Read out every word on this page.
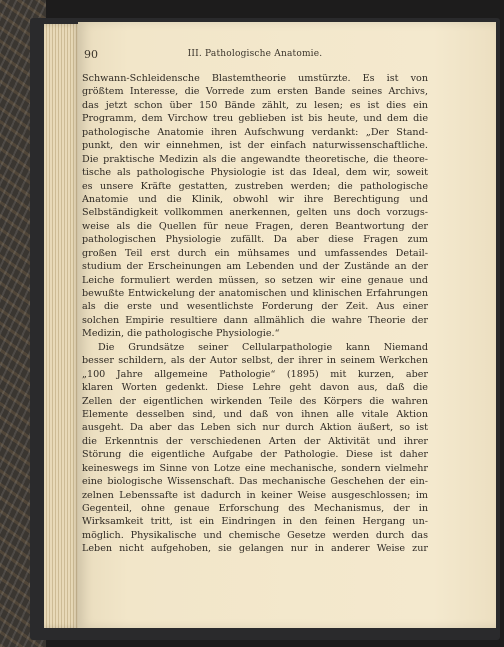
90	III. Pathologische Anatomie.
Schwann-Schleidensche Blastemtheorie umstürzte. Es ist von
größtem Interesse, die Vorrede zum ersten Bande seines Archivs,
das jetzt schon über 150 Bände zählt, zu lesen; es ist dies ein
Programm, dem Virchow treu geblieben ist bis heute, und dem die
pathologische Anatomie ihren Aufschwung verdankt: „Der Stand-
punkt, den wir einnehmen, ist der einfach naturwissenschaftliche.
Die praktische Medizin als die angewandte theoretische, die theore-
tische als pathologische Physiologie ist das Ideal, dem wir, soweit
es unsere Kräfte gestatten, zustreben werden; die pathologische
Anatomie und die Klinik, obwohl wir ihre Berechtigung und
Selbständigkeit vollkommen anerkennen, gelten uns doch vorzugs-
weise als die Quellen für neue Fragen, deren Beantwortung der
pathologischen Physiologie zufällt. Da aber diese Fragen zum
großen Teil erst durch ein mühsames und umfassendes Detail-
studium der Erscheinungen am Lebenden und der Zustände an der
Leiche formuliert werden müssen, so setzen wir eine genaue und
bewußte Entwickelung der anatomischen und klinischen Erfahrungen
als die erste und wesentlichste Forderung der Zeit. Aus einer
solchen Empirie resultiere dann allmählich die wahre Theorie der
Medizin, die pathologische Physiologie.“
Die Grundsätze seiner Cellularpathologie kann Niemand
besser schildern, als der Autor selbst, der ihrer in seinem Werkchen
„100 Jahre allgemeine Pathologie“ (1895) mit kurzen, aber
klaren Worten gedenkt. Diese Lehre geht davon aus, daß die
Zellen der eigentlichen wirkenden Teile des Körpers die wahren
Elemente desselben sind, und daß von ihnen alle vitale Aktion
ausgeht. Da aber das Leben sich nur durch Aktion äußert, so ist
die Erkenntnis der verschiedenen Arten der Aktivität und ihrer
Störung die eigentliche Aufgabe der Pathologie. Diese ist daher
keineswegs im Sinne von Lotze eine mechanische, sondern vielmehr
eine biologische Wissenschaft. Das mechanische Geschehen der ein-
zelnen Lebenssafte ist dadurch in keiner Weise ausgeschlossen; im
Gegenteil, ohne genaue Erforschung des Mechanismus, der in
Wirksamkeit tritt, ist ein Eindringen in den feinen Hergang un-
möglich. Physikalische und chemische Gesetze werden durch das
Leben nicht aufgehoben, sie gelangen nur in anderer Weise zur
